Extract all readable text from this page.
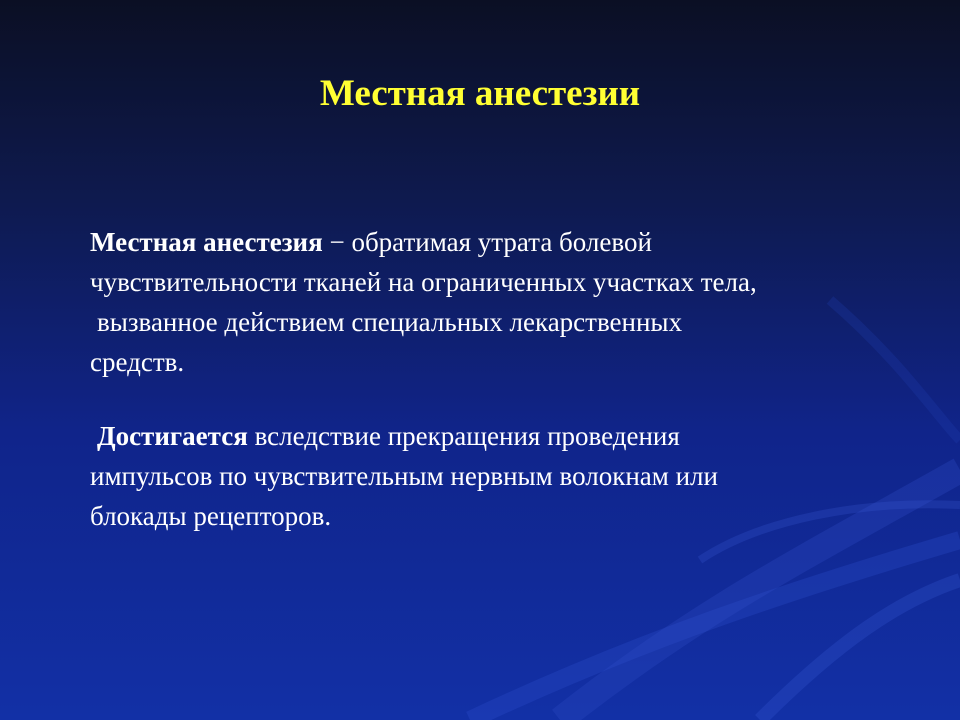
Местная анестезии

Местная анестезия − обратимая утрата болевой
чувствительности тканей на ограниченных участках тела,
вызванное действием специальных лекарственных
средств.

Достигается вследствие прекращения проведения
импульсов по чувствительным нервным волокнам или
блокады рецепторов.
